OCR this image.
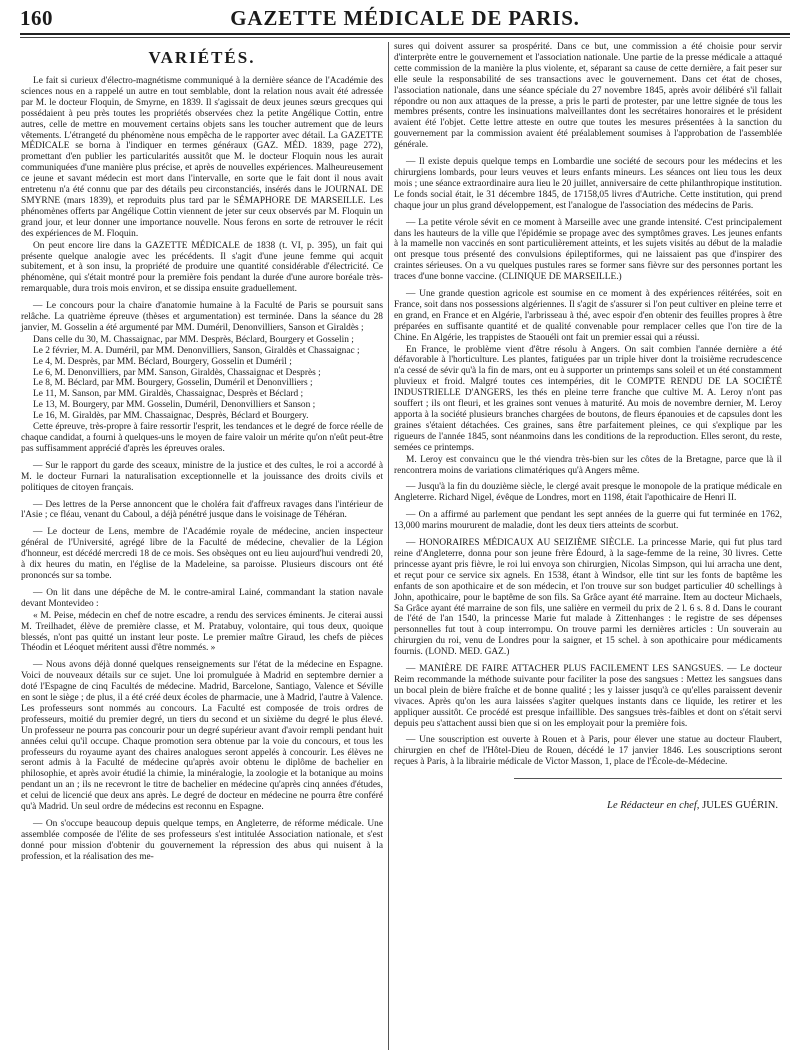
160	GAZETTE MÉDICALE DE PARIS.
VARIÉTÉS.

Le fait si curieux d'électro-magnétisme communiqué à la dernière séance de l'Académie des sciences nous en a rappelé un autre en tout semblable, dont la relation nous avait été adressée par M. le docteur Floquin, de Smyrne, en 1839. Il s'agissait de deux jeunes sœurs grecques qui possédaient à peu près toutes les propriétés observées chez la petite Angélique Cottin, entre autres, celle de mettre en mouvement certains objets sans les toucher autrement que de leurs vêtements. L'étrangeté du phénomène nous empêcha de le rapporter avec détail. La GAZETTE MÉDICALE se borna à l'indiquer en termes généraux (GAZ. MÉD. 1839, page 272), promettant d'en publier les particularités aussitôt que M. le docteur Floquin nous les aurait communiquées d'une manière plus précise, et après de nouvelles expériences. Malheureusement ce jeune et savant médecin est mort dans l'intervalle, en sorte que le fait dont il nous avait entretenu n'a été connu que par des détails peu circonstanciés, insérés dans le JOURNAL DE SMYRNE (mars 1839), et reproduits plus tard par le SÉMAPHORE DE MARSEILLE. Les phénomènes offerts par Angélique Cottin viennent de jeter sur ceux observés par M. Floquin un grand jour, et leur donner une importance nouvelle. Nous ferons en sorte de retrouver le récit des expériences de M. Floquin.

On peut encore lire dans la GAZETTE MÉDICALE de 1838 (t. VI, p. 395), un fait qui présente quelque analogie avec les précédents. Il s'agit d'une jeune femme qui acquit subitement, et à son insu, la propriété de produire une quantité considérable d'électricité. Ce phénomène, qui s'était montré pour la première fois pendant la durée d'une aurore boréale très-remarquable, dura trois mois environ, et se dissipa ensuite graduellement.

— Le concours pour la chaire d'anatomie humaine à la Faculté de Paris se poursuit sans relâche. La quatrième épreuve (thèses et argumentation) est terminée. Dans la séance du 28 janvier, M. Gosselin a été argumenté par MM. Duméril, Denonvilliers, Sanson et Giraldès ;

Dans celle du 30, M. Chassaignac, par MM. Desprès, Béclard, Bourgery et Gosselin ;

Le 2 février, M. A. Duméril, par MM. Denonvilliers, Sanson, Giraldès et Chassaignac ;

Le 4, M. Desprès, par MM. Béclard, Bourgery, Gosselin et Duméril ;

Le 6, M. Denonvilliers, par MM. Sanson, Giraldès, Chassaignac et Desprès ;

Le 8, M. Béclard, par MM. Bourgery, Gosselin, Duméril et Denonvilliers ;

Le 11, M. Sanson, par MM. Giraldès, Chassaignac, Desprès et Béclard ;

Le 13, M. Bourgery, par MM. Gosselin, Duméril, Denonvilliers et Sanson ;

Le 16, M. Giraldès, par MM. Chassaignac, Desprès, Béclard et Bourgery.

Cette épreuve, très-propre à faire ressortir l'esprit, les tendances et le degré de force réelle de chaque candidat, a fourni à quelques-uns le moyen de faire valoir un mérite qu'on n'eût peut-être pas suffisamment apprécié d'après les épreuves orales.

— Sur le rapport du garde des sceaux, ministre de la justice et des cultes, le roi a accordé à M. le docteur Furnari la naturalisation exceptionnelle et la jouissance des droits civils et politiques de citoyen français.

— Des lettres de la Perse annoncent que le choléra fait d'affreux ravages dans l'intérieur de l'Asie ; ce fléau, venant du Caboul, a déjà pénétré jusque dans le voisinage de Téhéran.

— Le docteur de Lens, membre de l'Académie royale de médecine, ancien inspecteur général de l'Université, agrégé libre de la Faculté de médecine, chevalier de la Légion d'honneur, est décédé mercredi 18 de ce mois. Ses obsèques ont eu lieu aujourd'hui vendredi 20, à dix heures du matin, en l'église de la Madeleine, sa paroisse. Plusieurs discours ont été prononcés sur sa tombe.

— On lit dans une dépêche de M. le contre-amiral Lainé, commandant la station navale devant Montevideo :

« M. Peise, médecin en chef de notre escadre, a rendu des services éminents. Je citerai aussi M. Treilhadet, élève de première classe, et M. Pratabuy, volontaire, qui tous deux, quoique blessés, n'ont pas quitté un instant leur poste. Le premier maître Giraud, les chefs de pièces Théodin et Léoquet méritent aussi d'être nommés. »

— Nous avons déjà donné quelques renseignements sur l'état de la médecine en Espagne. Voici de nouveaux détails sur ce sujet. Une loi promulguée à Madrid en septembre dernier a doté l'Espagne de cinq Facultés de médecine. Madrid, Barcelone, Santiago, Valence et Séville en sont le siège ; de plus, il a été créé deux écoles de pharmacie, une à Madrid, l'autre à Valence. Les professeurs sont nommés au concours. La Faculté est composée de trois ordres de professeurs, moitié du premier degré, un tiers du second et un sixième du degré le plus élevé. Un professeur ne pourra pas concourir pour un degré supérieur avant d'avoir rempli pendant huit années celui qu'il occupe. Chaque promotion sera obtenue par la voie du concours, et tous les professeurs du royaume ayant des chaires analogues seront appelés à concourir. Les élèves ne seront admis à la Faculté de médecine qu'après avoir obtenu le diplôme de bachelier en philosophie, et après avoir étudié la chimie, la minéralogie, la zoologie et la botanique au moins pendant un an ; ils ne recevront le titre de bachelier en médecine qu'après cinq années d'études, et celui de licencié que deux ans après. Le degré de docteur en médecine ne pourra être conféré qu'à Madrid. Un seul ordre de médecins est reconnu en Espagne.

— On s'occupe beaucoup depuis quelque temps, en Angleterre, de réforme médicale. Une assemblée composée de l'élite de ses professeurs s'est intitulée Association nationale, et s'est donné pour mission d'obtenir du gouvernement la répression des abus qui nuisent à la profession, et la réalisation des me-

sures qui doivent assurer sa prospérité. Dans ce but, une commission a été choisie pour servir d'interprète entre le gouvernement et l'association nationale. Une partie de la presse médicale a attaqué cette commission de la manière la plus violente, et, séparant sa cause de cette dernière, a fait peser sur elle seule la responsabilité de ses transactions avec le gouvernement. Dans cet état de choses, l'association nationale, dans une séance spéciale du 27 novembre 1845, après avoir délibéré s'il fallait répondre ou non aux attaques de la presse, a pris le parti de protester, par une lettre signée de tous les membres présents, contre les insinuations malveillantes dont les secrétaires honoraires et le président avaient été l'objet. Cette lettre atteste en outre que toutes les mesures présentées à la sanction du gouvernement par la commission avaient été préalablement soumises à l'approbation de l'assemblée générale.

— Il existe depuis quelque temps en Lombardie une société de secours pour les médecins et les chirurgiens lombards, pour leurs veuves et leurs enfants mineurs. Les séances ont lieu tous les deux mois ; une séance extraordinaire aura lieu le 20 juillet, anniversaire de cette philanthropique institution. Le fonds social était, le 31 décembre 1845, de 17158,05 livres d'Autriche. Cette institution, qui prend chaque jour un plus grand développement, est l'analogue de l'association des médecins de Paris.

— La petite vérole sévit en ce moment à Marseille avec une grande intensité. C'est principalement dans les hauteurs de la ville que l'épidémie se propage avec des symptômes graves. Les jeunes enfants à la mamelle non vaccinés en sont particulièrement atteints, et les sujets visités au début de la maladie ont presque tous présenté des convulsions épileptiformes, qui ne laissaient pas que d'inspirer des craintes sérieuses. On a vu quelques pustules rares se former sans fièvre sur des personnes portant les traces d'une bonne vaccine. (CLINIQUE DE MARSEILLE.)

— Une grande question agricole est soumise en ce moment à des expériences réitérées, soit en France, soit dans nos possessions algériennes. Il s'agit de s'assurer si l'on peut cultiver en pleine terre et en grand, en France et en Algérie, l'arbrisseau à thé, avec espoir d'en obtenir des feuilles propres à être préparées en suffisante quantité et de qualité convenable pour remplacer celles que l'on tire de la Chine. En Algérie, les trappistes de Staouéli ont fait un premier essai qui a réussi.

En France, le problème vient d'être résolu à Angers. On sait combien l'année dernière a été défavorable à l'horticulture. Les plantes, fatiguées par un triple hiver dont la troisième recrudescence n'a cessé de sévir qu'à la fin de mars, ont eu à supporter un printemps sans soleil et un été constamment pluvieux et froid. Malgré toutes ces intempéries, dit le COMPTE RENDU DE LA SOCIÉTÉ INDUSTRIELLE D'ANGERS, les thés en pleine terre franche que cultive M. A. Leroy n'ont pas souffert ; ils ont fleuri, et les graines sont venues à maturité. Au mois de novembre dernier, M. Leroy apporta à la société plusieurs branches chargées de boutons, de fleurs épanouies et de capsules dont les graines s'étaient détachées. Ces graines, sans être parfaitement pleines, ce qui s'explique par les rigueurs de l'année 1845, sont néanmoins dans les conditions de la reproduction. Elles seront, du reste, semées ce printemps.

M. Leroy est convaincu que le thé viendra très-bien sur les côtes de la Bretagne, parce que là il rencontrera moins de variations climatériques qu'à Angers même.

— Jusqu'à la fin du douzième siècle, le clergé avait presque le monopole de la pratique médicale en Angleterre. Richard Nigel, évêque de Londres, mort en 1198, était l'apothicaire de Henri II.

— On a affirmé au parlement que pendant les sept années de la guerre qui fut terminée en 1762, 13,000 marins moururent de maladie, dont les deux tiers atteints de scorbut.

— HONORAIRES MÉDICAUX AU SEIZIÈME SIÈCLE. La princesse Marie, qui fut plus tard reine d'Angleterre, donna pour son jeune frère Édourd, à la sage-femme de la reine, 30 livres. Cette princesse ayant pris fièvre, le roi lui envoya son chirurgien, Nicolas Simpson, qui lui arracha une dent, et reçut pour ce service six agnels. En 1538, étant à Windsor, elle tint sur les fonts de baptême les enfants de son apothicaire et de son médecin, et l'on trouve sur son budget particulier 40 schellings à John, apothicaire, pour le baptême de son fils. Sa Grâce ayant été marraine. Item au docteur Michaels, Sa Grâce ayant été marraine de son fils, une salière en vermeil du prix de 2 l. 6 s. 8 d. Dans le courant de l'été de l'an 1540, la princesse Marie fut malade à Zittenhanges : le registre de ses dépenses personnelles fut tout à coup interrompu. On trouve parmi les dernières articles : Un souverain au chirurgien du roi, venu de Londres pour la saigner, et 15 schel. à son apothicaire pour médicaments fournis. (LOND. MED. GAZ.)

— MANIÈRE DE FAIRE ATTACHER PLUS FACILEMENT LES SANGSUES. — Le docteur Reim recommande la méthode suivante pour faciliter la pose des sangsues : Mettez les sangsues dans un bocal plein de bière fraîche et de bonne qualité ; les y laisser jusqu'à ce qu'elles paraissent devenir vivaces. Après qu'on les aura laissées s'agiter quelques instants dans ce liquide, les retirer et les appliquer aussitôt. Ce procédé est presque infaillible. Des sangsues très-faibles et dont on s'était servi depuis peu s'attachent aussi bien que si on les employait pour la première fois.

— Une souscription est ouverte à Rouen et à Paris, pour élever une statue au docteur Flaubert, chirurgien en chef de l'Hôtel-Dieu de Rouen, décédé le 17 janvier 1846. Les souscriptions seront reçues à Paris, à la librairie médicale de Victor Masson, 1, place de l'École-de-Médecine.

Le Rédacteur en chef, JULES GUÉRIN.
